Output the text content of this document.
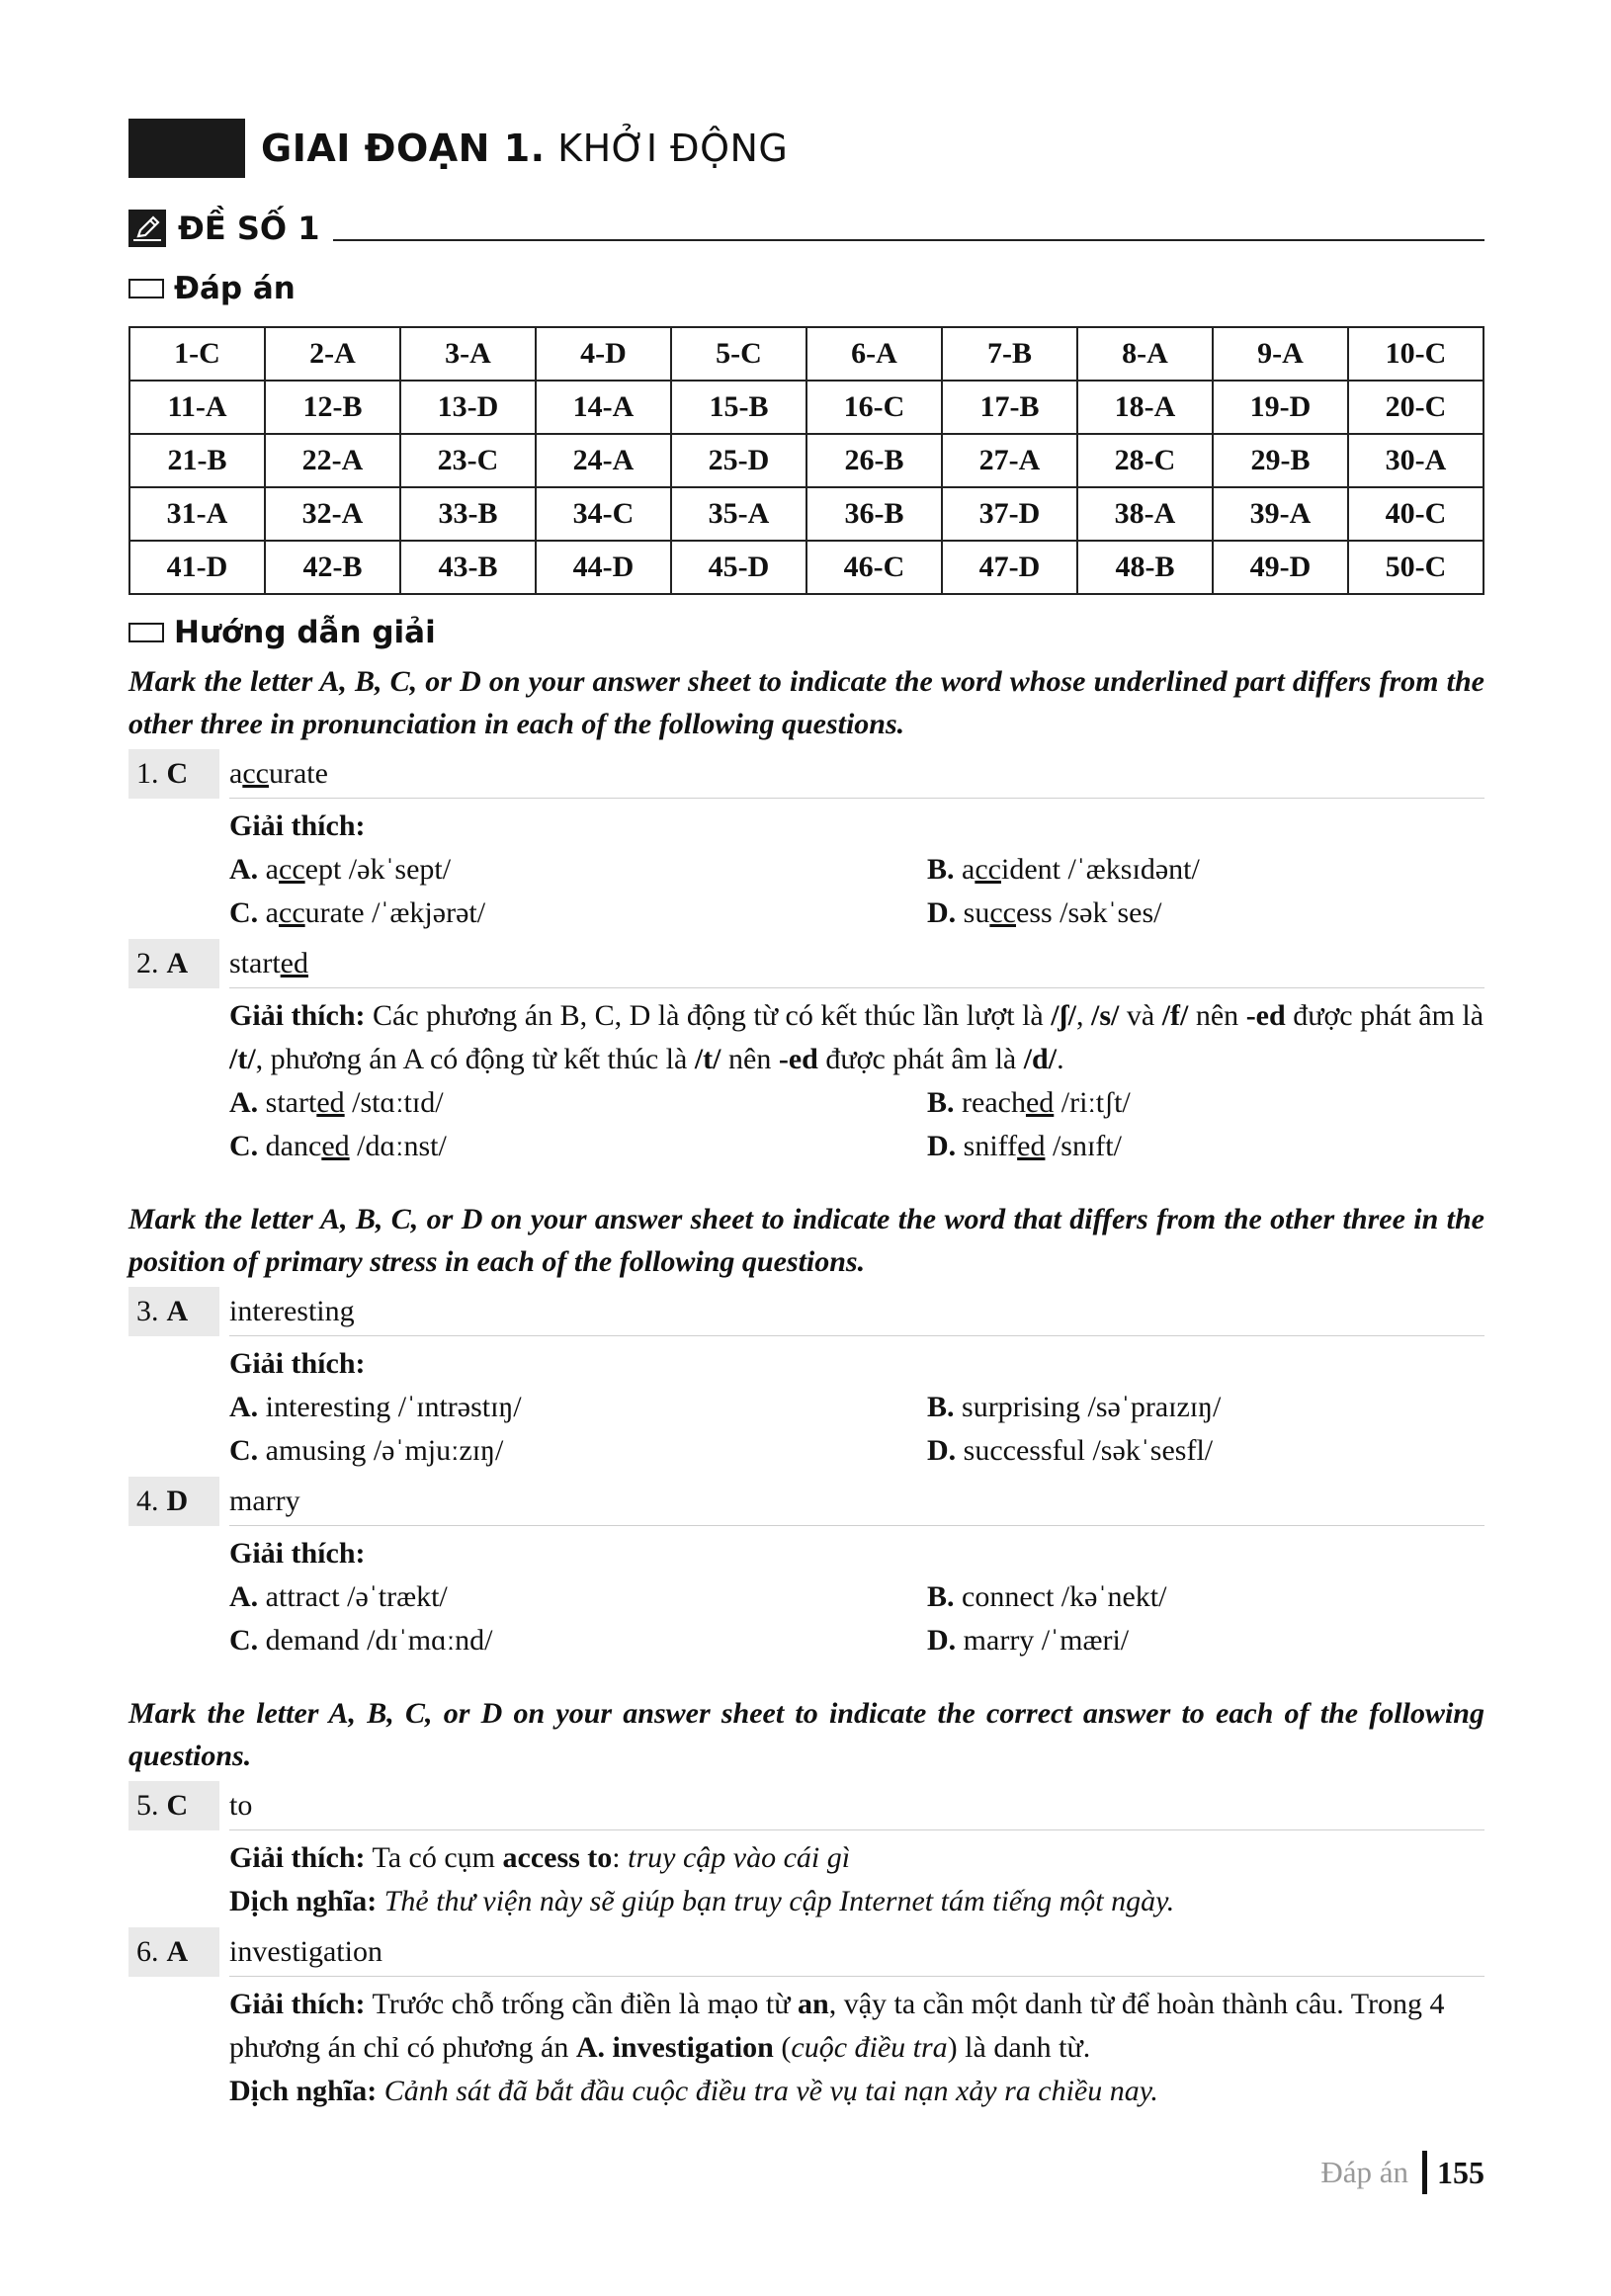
GIAI ĐOẠN 1. KHỞI ĐỘNG
ĐỀ SỐ 1
Đáp án
1-C	2-A	3-A	4-D	5-C	6-A	7-B	8-A	9-A	10-C
11-A	12-B	13-D	14-A	15-B	16-C	17-B	18-A	19-D	20-C
21-B	22-A	23-C	24-A	25-D	26-B	27-A	28-C	29-B	30-A
31-A	32-A	33-B	34-C	35-A	36-B	37-D	38-A	39-A	40-C
41-D	42-B	43-B	44-D	45-D	46-C	47-D	48-B	49-D	50-C
Hướng dẫn giải
Mark the letter A, B, C, or D on your answer sheet to indicate the word whose underlined part differs from the other three in pronunciation in each of the following questions.
1. C a cc urate
Giải thích:
A. accept /əkˈsept/	B. accident /ˈæksɪdənt/
C. accurate /ˈækjərət/	D. success /səkˈses/
2. A start ed
Giải thích: Các phương án B, C, D là động từ có kết thúc lần lượt là /ʃ/, /s/ và /f/ nên -ed được phát âm là /t/, phương án A có động từ kết thúc là /t/ nên -ed được phát âm là /d/.
A. started /stɑːtɪd/	B. reached /riːtʃt/
C. danced /dɑːnst/	D. sniffed /snɪft/
Mark the letter A, B, C, or D on your answer sheet to indicate the word that differs from the other three in the position of primary stress in each of the following questions.
3. A interesting
Giải thích:
A. interesting /ˈɪntrəstɪŋ/	B. surprising /səˈpraɪzɪŋ/
C. amusing /əˈmjuːzɪŋ/	D. successful /səkˈsesfl/
4. D marry
Giải thích:
A. attract /əˈtrækt/	B. connect /kəˈnekt/
C. demand /dɪˈmɑːnd/	D. marry /ˈmæri/
Mark the letter A, B, C, or D on your answer sheet to indicate the correct answer to each of the following questions.
5. C to
Giải thích: Ta có cụm access to: truy cập vào cái gì
Dịch nghĩa: Thẻ thư viện này sẽ giúp bạn truy cập Internet tám tiếng một ngày.
6. A investigation
Giải thích: Trước chỗ trống cần điền là mạo từ an, vậy ta cần một danh từ để hoàn thành câu. Trong 4 phương án chỉ có phương án A. investigation (cuộc điều tra) là danh từ.
Dịch nghĩa: Cảnh sát đã bắt đầu cuộc điều tra về vụ tai nạn xảy ra chiều nay.
Đáp án 155
